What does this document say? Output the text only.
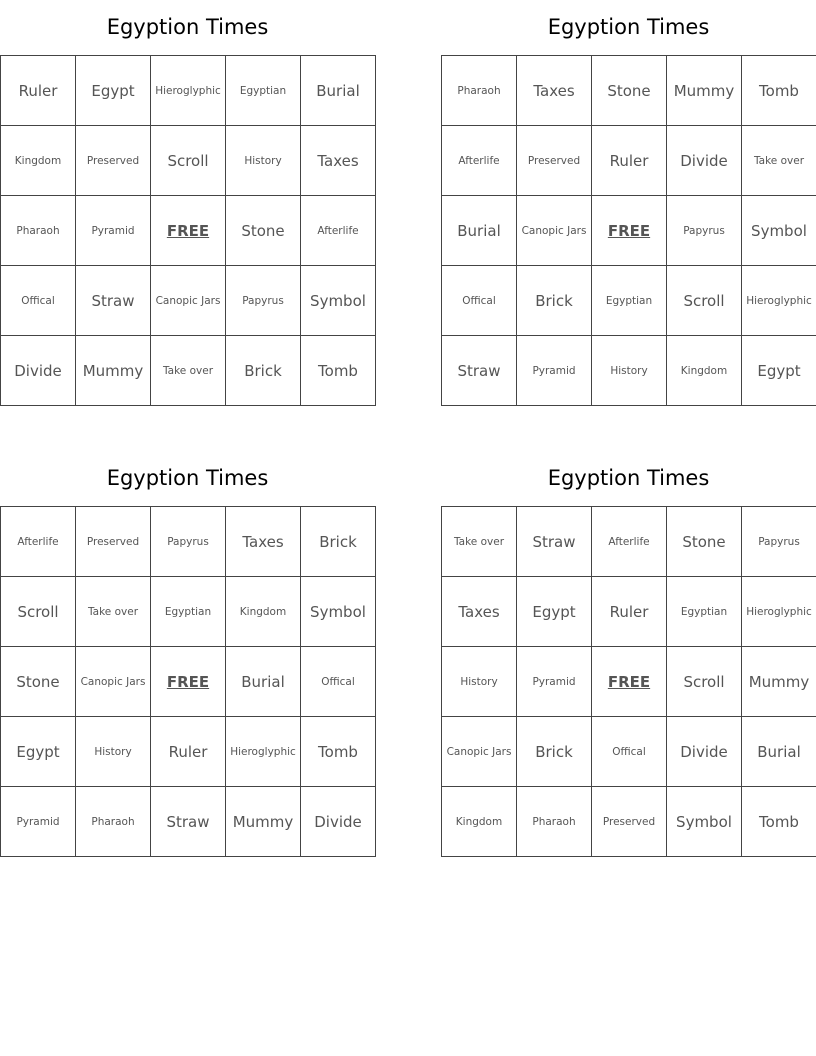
Egyption Times
Ruler	Egypt	Hieroglyphic	Egyptian	Burial
Kingdom	Preserved	Scroll	History	Taxes
Pharaoh	Pyramid	FREE	Stone	Afterlife
Offical	Straw	Canopic Jars	Papyrus	Symbol
Divide	Mummy	Take over	Brick	Tomb
Egyption Times
Pharaoh	Taxes	Stone	Mummy	Tomb
Afterlife	Preserved	Ruler	Divide	Take over
Burial	Canopic Jars	FREE	Papyrus	Symbol
Offical	Brick	Egyptian	Scroll	Hieroglyphic
Straw	Pyramid	History	Kingdom	Egypt
Egyption Times
Afterlife	Preserved	Papyrus	Taxes	Brick
Scroll	Take over	Egyptian	Kingdom	Symbol
Stone	Canopic Jars	FREE	Burial	Offical
Egypt	History	Ruler	Hieroglyphic	Tomb
Pyramid	Pharaoh	Straw	Mummy	Divide
Egyption Times
Take over	Straw	Afterlife	Stone	Papyrus
Taxes	Egypt	Ruler	Egyptian	Hieroglyphic
History	Pyramid	FREE	Scroll	Mummy
Canopic Jars	Brick	Offical	Divide	Burial
Kingdom	Pharaoh	Preserved	Symbol	Tomb
